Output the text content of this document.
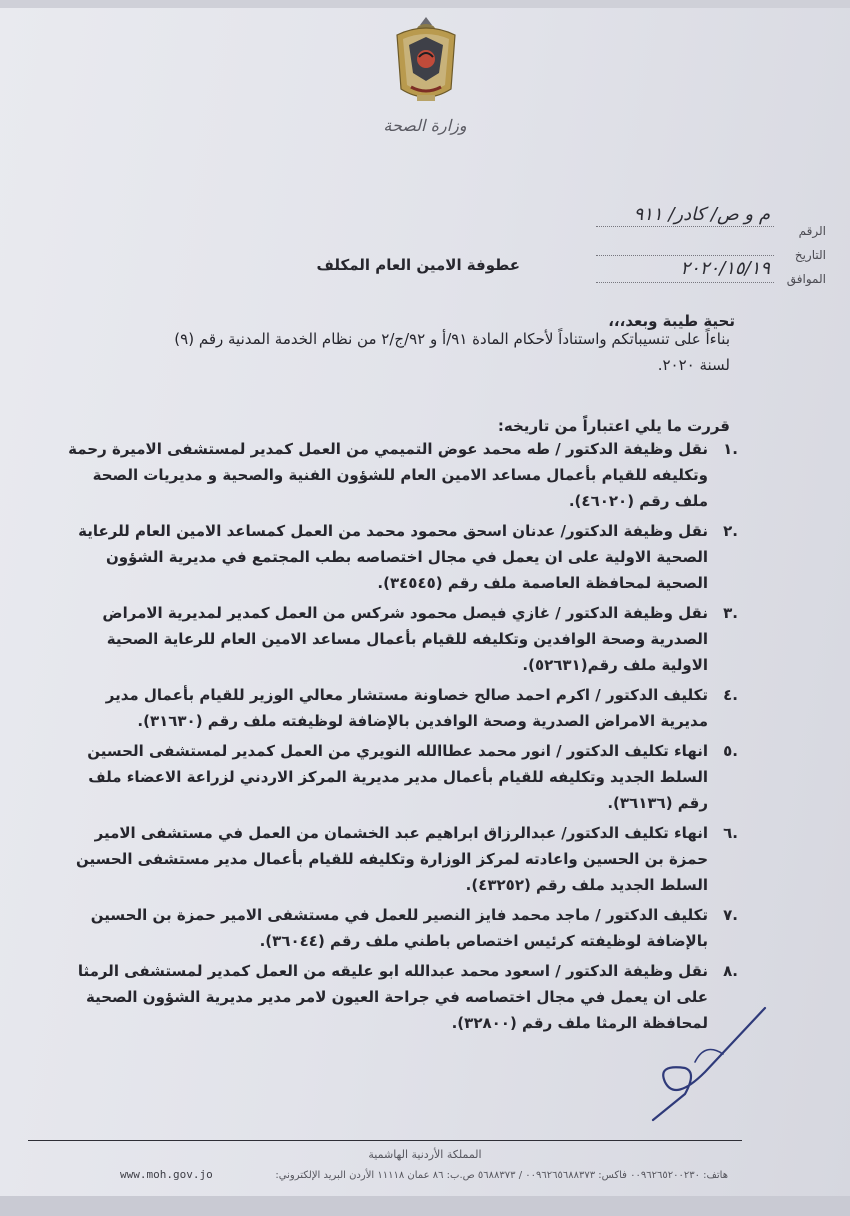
وزارة الصحة
الرقم
م و ص/ كادر/ ٩١١
التاريخ
الموافق
٢٠٢٠/١٥/١٩
عطوفة الامين العام المكلف
تحية طيبة وبعد،،،

بناءاً على تنسيباتكم واستناداً لأحكام المادة ٩١/أ و ٩٢/ج/٢ من نظام الخدمة المدنية رقم (٩)

لسنة ٢٠٢٠.

قررت ما يلي اعتباراً من تاريخه:
.١
نقل وظيفة الدكتور / طه محمد عوض التميمي من العمل كمدير لمستشفى الاميرة رحمة وتكليفه للقيام بأعمال مساعد الامين العام للشؤون الفنية والصحية و مديريات الصحة ملف رقم (٤٦٠٢٠).
.٢
نقل وظيفة الدكتور/ عدنان اسحق محمود محمد من العمل كمساعد الامين العام للرعاية الصحية الاولية على ان يعمل في مجال اختصاصه بطب المجتمع في مديرية الشؤون الصحية لمحافظة العاصمة ملف رقم (٣٤٥٤٥).
.٣
نقل وظيفة الدكتور / غازي فيصل محمود شركس من العمل كمدير لمديرية الامراض الصدرية وصحة الوافدين وتكليفه للقيام بأعمال مساعد الامين العام للرعاية الصحية الاولية ملف رقم(٥٢٦٣١).
.٤
تكليف الدكتور / اكرم احمد صالح خصاونة مستشار معالي الوزير للقيام بأعمال مدير مديرية الامراض الصدرية وصحة الوافدين بالإضافة لوظيفته ملف رقم (٣١٦٣٠).
.٥
انهاء تكليف الدكتور / انور محمد عطاالله النويري من العمل كمدير لمستشفى الحسين السلط الجديد وتكليفه للقيام بأعمال مدير مديرية المركز الاردني لزراعة الاعضاء ملف رقم (٣٦١٣٦).
.٦
انهاء تكليف الدكتور/ عبدالرزاق ابراهيم عبد الخشمان من العمل في مستشفى الامير حمزة بن الحسين واعادته لمركز الوزارة وتكليفه للقيام بأعمال مدير مستشفى الحسين السلط الجديد ملف رقم (٤٣٢٥٢).
.٧
تكليف الدكتور / ماجد محمد فايز النصير للعمل في مستشفى الامير حمزة بن الحسين بالإضافة لوظيفته كرئيس اختصاص باطني ملف رقم (٣٦٠٤٤).
.٨
نقل وظيفة الدكتور / اسعود محمد عبدالله ابو عليقه من العمل كمدير لمستشفى الرمثا على ان يعمل في مجال اختصاصه في جراحة العيون لامر مدير مديرية الشؤون الصحية لمحافظة الرمثا ملف رقم (٣٢٨٠٠).
المملكة الأردنية الهاشمية
هاتف: ٠٠٩٦٢٦٥٢٠٠٢٣٠ فاكس: ٠٠٩٦٢٦٥٦٨٨٣٧٣ / ٥٦٨٨٣٧٣ ص.ب: ٨٦ عمان ١١١١٨ الأردن البريد الإلكتروني:
www.moh.gov.jo
